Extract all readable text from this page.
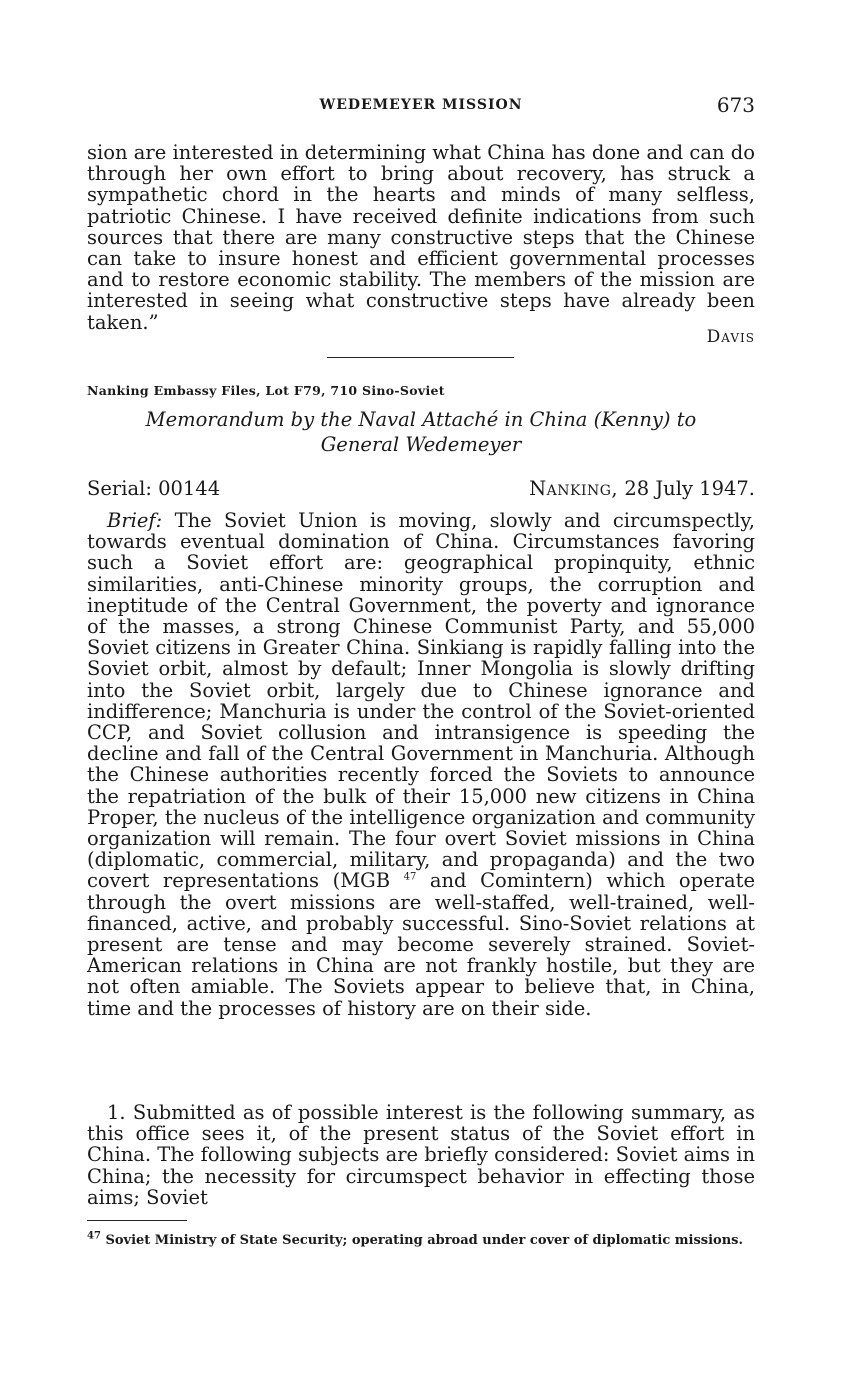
WEDEMEYER MISSION	673
sion are interested in determining what China has done and can do through her own effort to bring about recovery, has struck a sympathetic chord in the hearts and minds of many selfless, patriotic Chinese. I have received definite indications from such sources that there are many constructive steps that the Chinese can take to insure honest and efficient governmental processes and to restore economic stability. The members of the mission are interested in seeing what constructive steps have already been taken.”
Davis
Nanking Embassy Files, Lot F79, 710 Sino-Soviet
Memorandum by the Naval Attaché in China (Kenny) to
General Wedemeyer
Serial: 00144	Nanking, 28 July 1947.
Brief: The Soviet Union is moving, slowly and circumspectly, towards eventual domination of China. Circumstances favoring such a Soviet effort are: geographical propinquity, ethnic similarities, anti-Chinese minority groups, the corruption and ineptitude of the Central Government, the poverty and ignorance of the masses, a strong Chinese Communist Party, and 55,000 Soviet citizens in Greater China. Sinkiang is rapidly falling into the Soviet orbit, almost by default; Inner Mongolia is slowly drifting into the Soviet orbit, largely due to Chinese ignorance and indifference; Manchuria is under the control of the Soviet-oriented CCP, and Soviet collusion and intransigence is speeding the decline and fall of the Central Government in Manchuria. Although the Chinese authorities recently forced the Soviets to announce the repatriation of the bulk of their 15,000 new citizens in China Proper, the nucleus of the intelligence organization and community organization will remain. The four overt Soviet missions in China (diplomatic, commercial, military, and propaganda) and the two covert representations (MGB $^{47}$ and Comintern) which operate through the overt missions are well-staffed, well-trained, well-financed, active, and probably successful. Sino-Soviet relations at present are tense and may become severely strained. Soviet-American relations in China are not frankly hostile, but they are not often amiable. The Soviets appear to believe that, in China, time and the processes of history are on their side.
1. Submitted as of possible interest is the following summary, as this office sees it, of the present status of the Soviet effort in China. The following subjects are briefly considered: Soviet aims in China; the necessity for circumspect behavior in effecting those aims; Soviet
$^{47}$ Soviet Ministry of State Security; operating abroad under cover of diplomatic missions.
